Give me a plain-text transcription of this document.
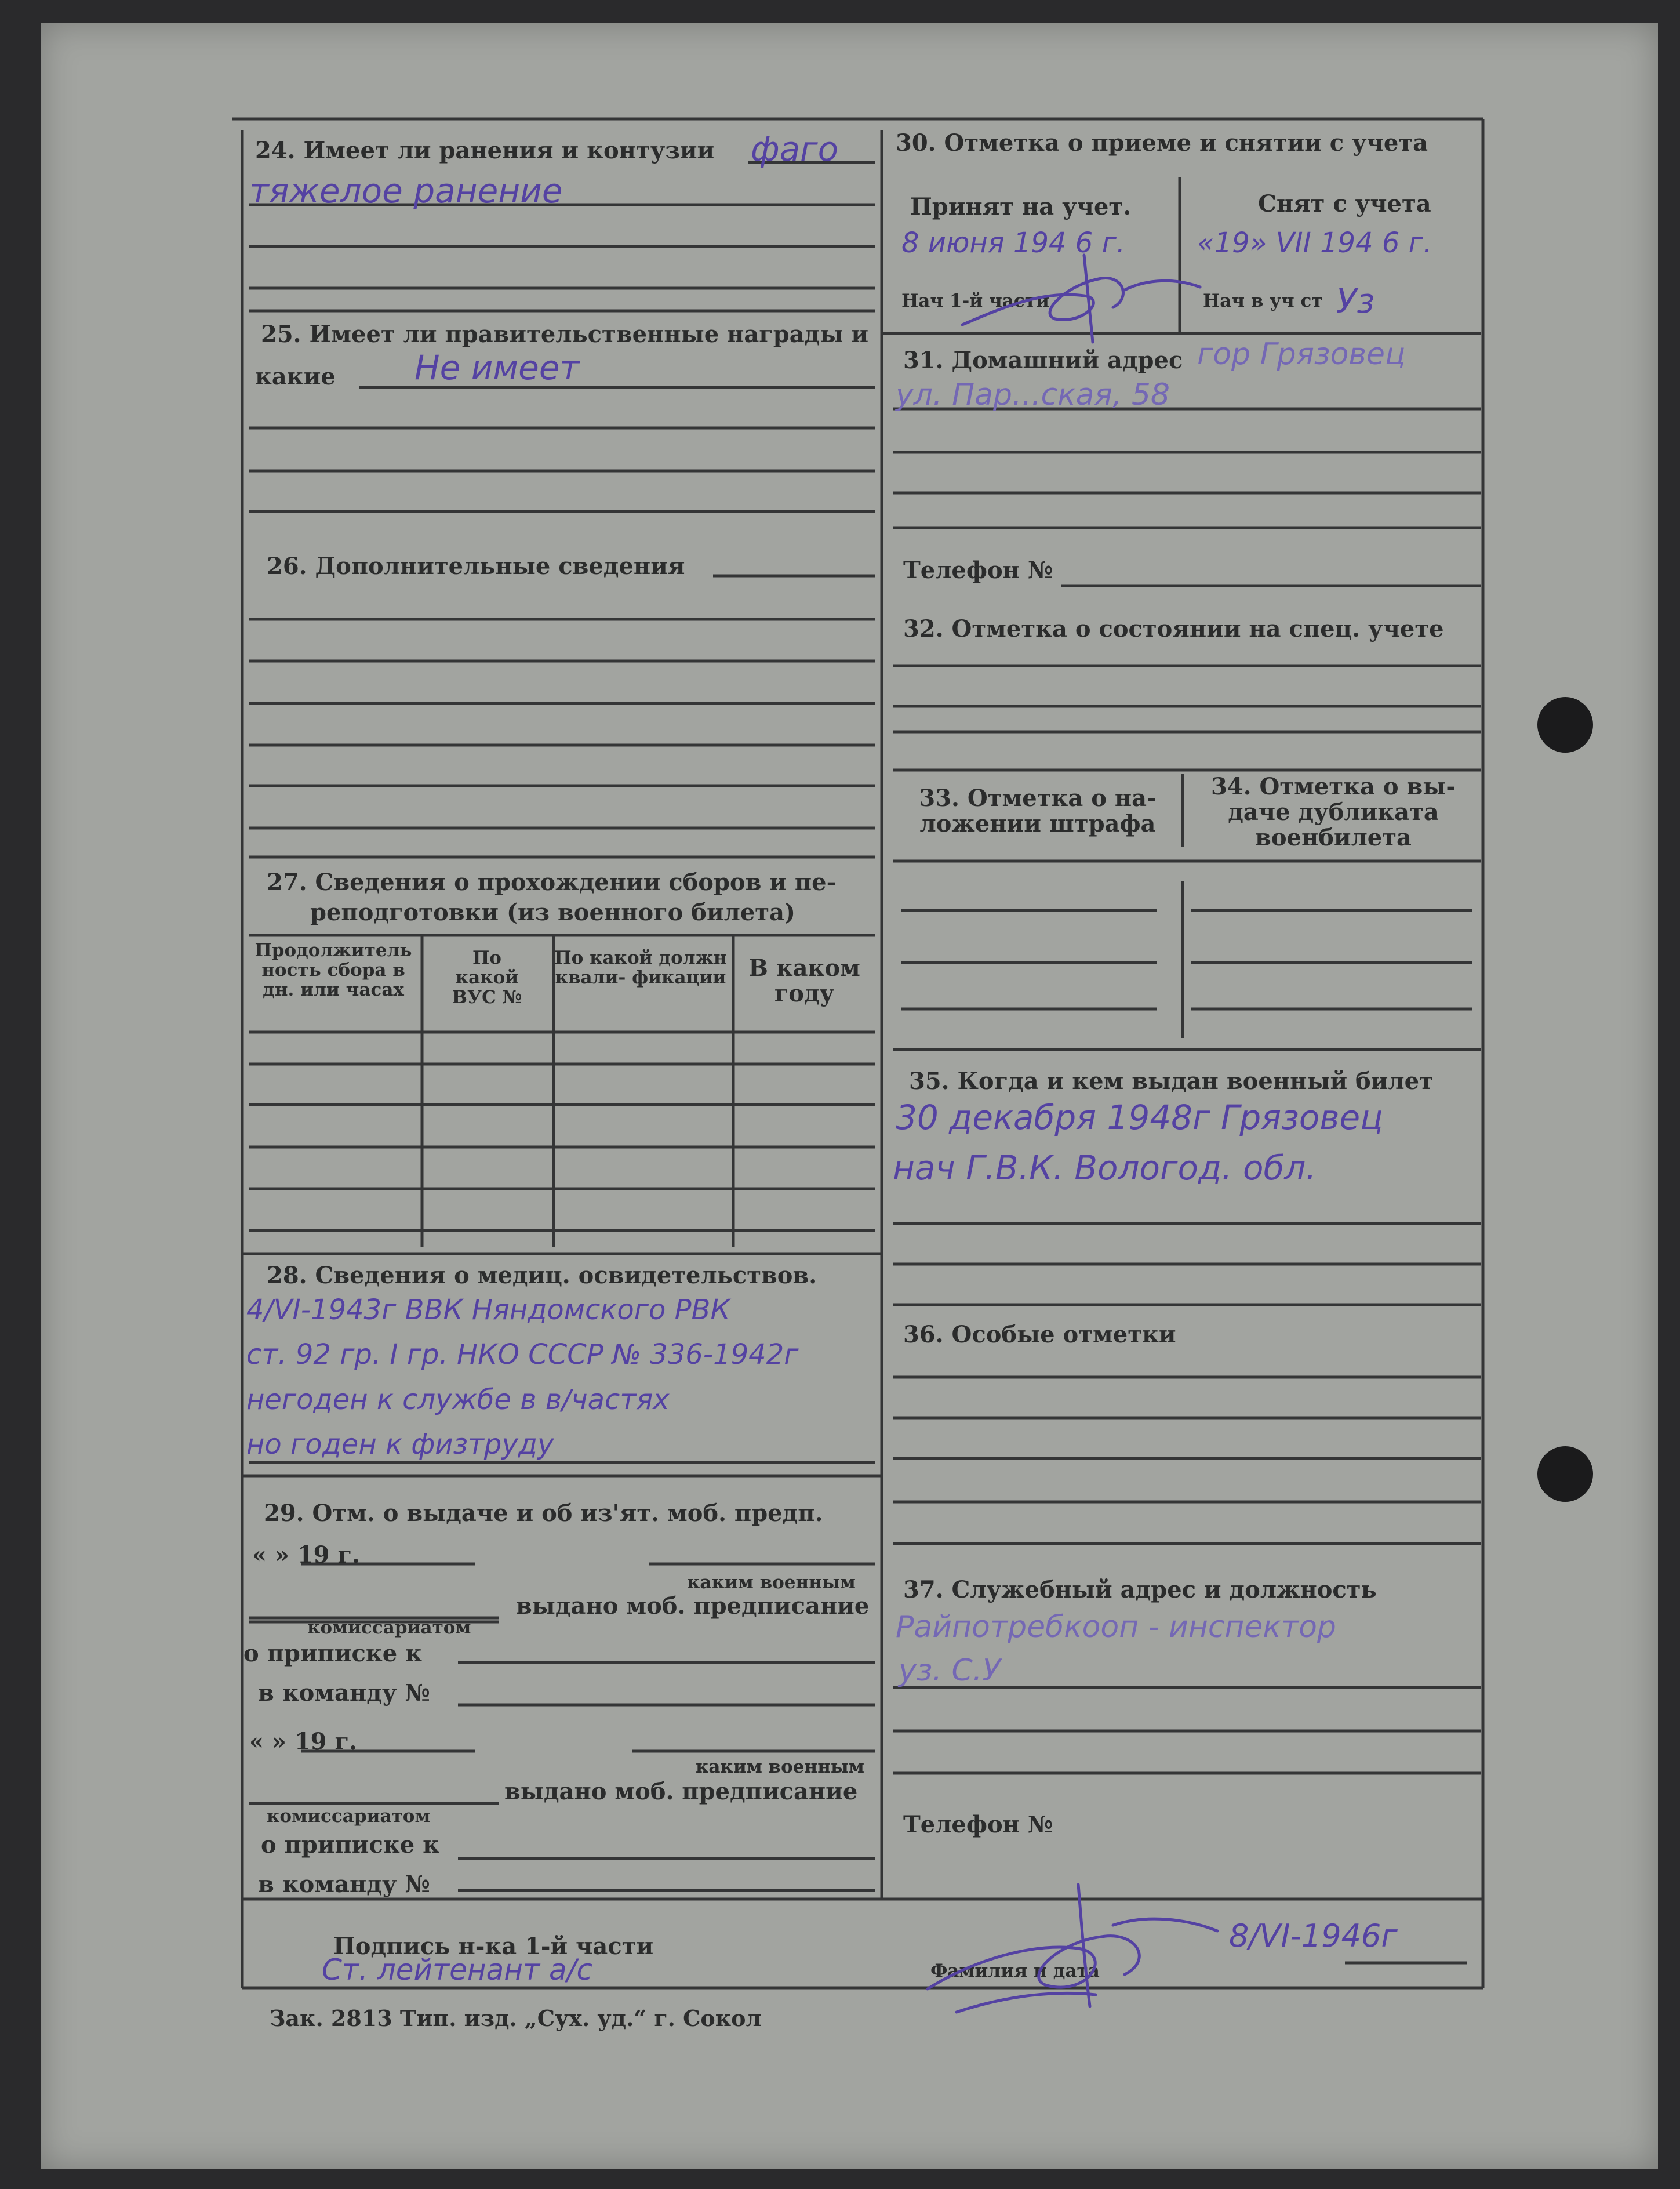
24. Имеет ли ранения и контузии фаго
тяжелое ранение
25. Имеет ли правительственные награды и
какие Не имеет
26. Дополнительные сведения
27. Сведения о прохождении сборов и пе-
реподготовки (из военного билета)
Продолжитель ность сбора в дн. или часах
По какой ВУС №
По какой должн квали- фикации В каком году
28. Сведения о медиц. освидетельствов.
4/VI-1943г ВВК Няндомского РВК
ст. 92 гр. I гр. НКО СССР № 336-1942г
негоден к службе в в/частях
но годен к физтруду
29. Отм. о выдаче и об из'ят. моб. предп.
« » 19 г.
каким военным
выдано моб. предписание
комиссариатом
о приписке к
в команду №
« » 19 г.
каким военным
выдано моб. предписание
комиссариатом
о приписке к
в команду №
30. Отметка о приеме и снятии с учета
Принят на учет.
8 июня 194 6 г.
Снят с учета
«19» VII 194 6 г.
Нач 1-й части	Нач в уч ст Уз
31. Домашний адрес гор Грязовец
ул. Пар...ская, 58
Телефон №
32. Отметка о состоянии на спец. учете
33. Отметка о на- ложении штрафа
34. Отметка о вы- даче дубликата военбилета
35. Когда и кем выдан военный билет
30 декабря 1948г Грязовец
нач Г.В.К. Вологод. обл.
36. Особые отметки
37. Служебный адрес и должность
Райпотребкооп - инспектор
уз. С.У
Телефон №
Подпись н-ка 1-й части
Ст. лейтенант а/с	Фамилия и дата
8/VI-1946г
Зак. 2813 Тип. изд. „Сух. уд.“ г. Сокол
